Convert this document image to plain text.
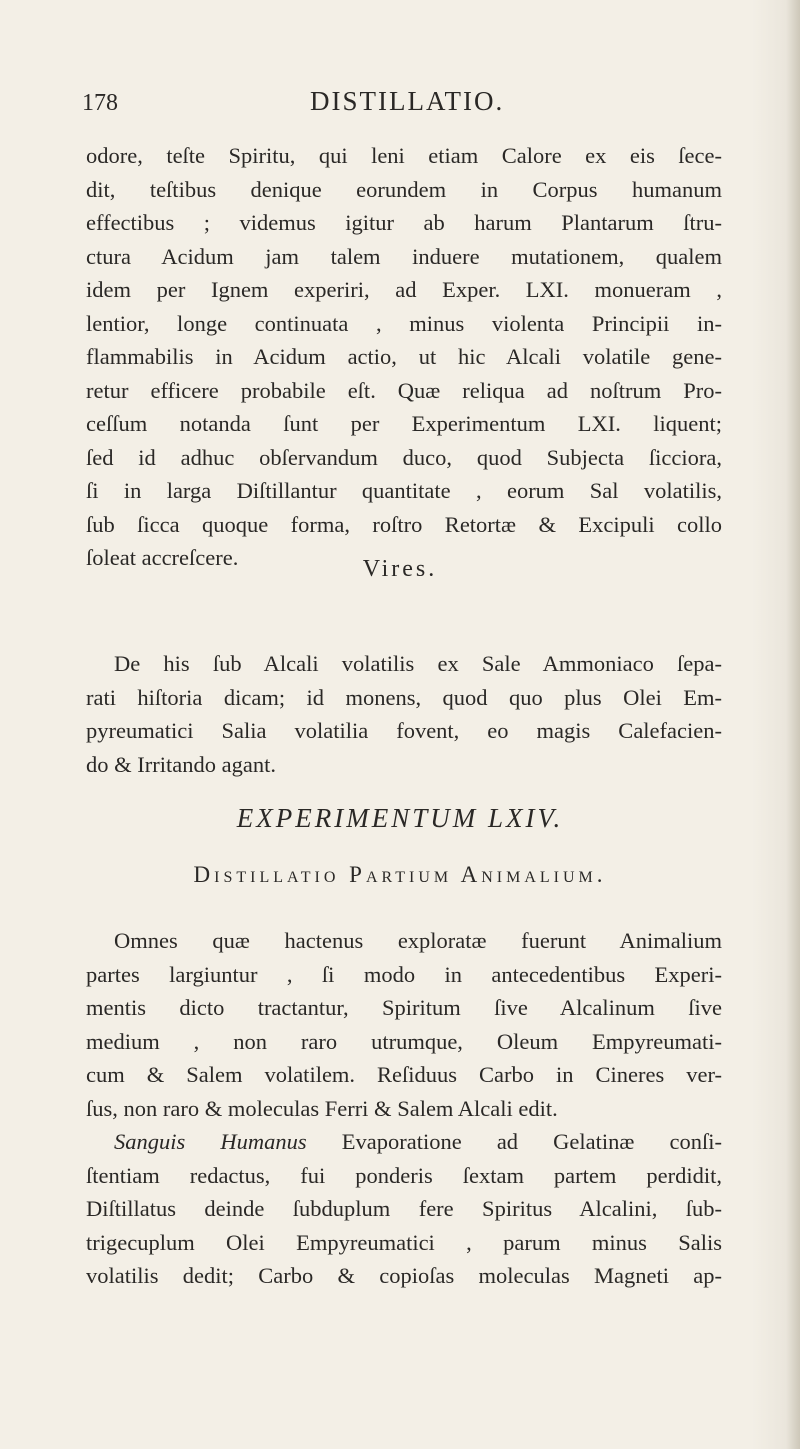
178	DISTILLATIO.
odore, teſte Spiritu, qui leni etiam Calore ex eis ſece-
dit, teſtibus denique eorundem in Corpus humanum
effectibus ; videmus igitur ab harum Plantarum ſtru-
ctura Acidum jam talem induere mutationem, qualem
idem per Ignem experiri, ad Exper. LXI. monueram ,
lentior, longe continuata , minus violenta Principii in-
flammabilis in Acidum actio, ut hic Alcali volatile gene-
retur efficere probabile eſt. Quæ reliqua ad noſtrum Pro-
ceſſum notanda ſunt per Experimentum LXI. liquent;
ſed id adhuc obſervandum duco, quod Subjecta ſicciora,
ſi in larga Diſtillantur quantitate , eorum Sal volatilis,
ſub ſicca quoque forma, roſtro Retortæ & Excipuli collo
ſoleat accreſcere.	Vires.
De his ſub Alcali volatilis ex Sale Ammoniaco ſepa-
rati hiſtoria dicam; id monens, quod quo plus Olei Em-
pyreumatici Salia volatilia fovent, eo magis Calefacien-
do & Irritando agant.
EXPERIMENTUM LXIV.
Diſtillatio Partium Animalium.
Omnes quæ hactenus exploratæ fuerunt Animalium
partes largiuntur , ſi modo in antecedentibus Experi-
mentis dicto tractantur, Spiritum ſive Alcalinum ſive
medium , non raro utrumque, Oleum Empyreumati-
cum & Salem volatilem. Reſiduus Carbo in Cineres ver-
ſus, non raro & moleculas Ferri & Salem Alcali edit.
Sanguis Humanus Evaporatione ad Gelatinæ conſi-
ſtentiam redactus, fui ponderis ſextam partem perdidit,
Diſtillatus deinde ſubduplum fere Spiritus Alcalini, ſub-
trigecuplum Olei Empyreumatici , parum minus Salis
volatilis dedit; Carbo & copioſas moleculas Magneti ap-
